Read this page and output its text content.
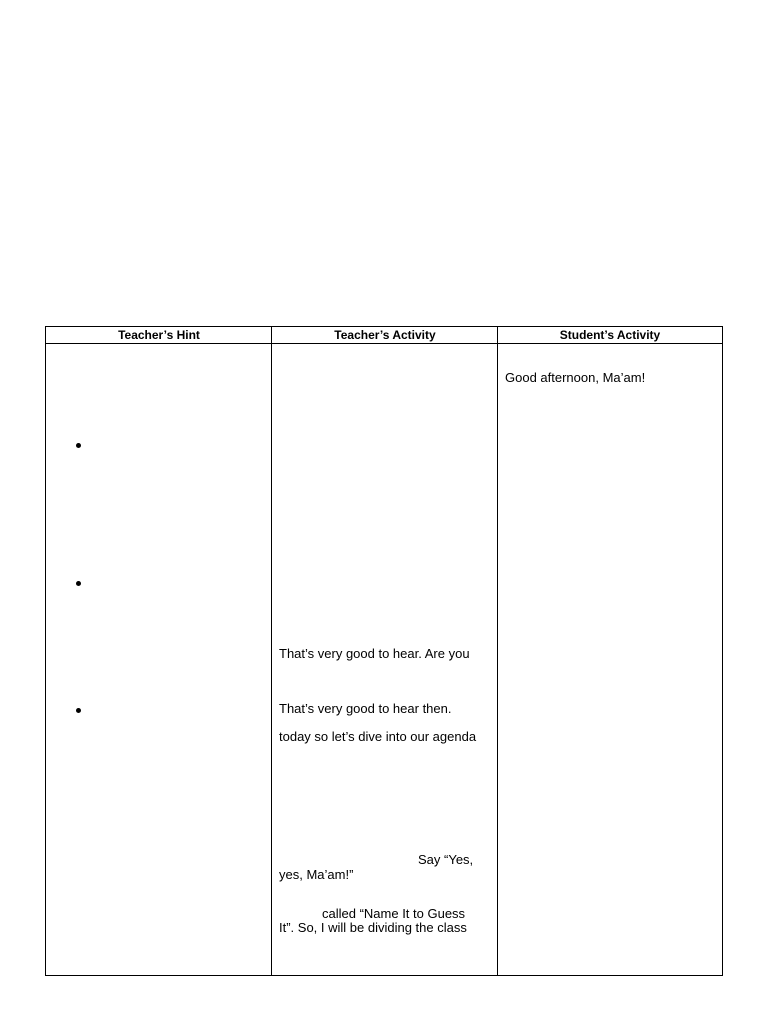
Teacher’s Hint	Teacher’s Activity	Student’s Activity
Good afternoon, Ma’am!
That’s very good to hear. Are you
That’s very good to hear then.
today so let’s dive into our agenda
Say “Yes,
yes, Ma’am!”
called “Name It to Guess
It”. So, I will be dividing the class
